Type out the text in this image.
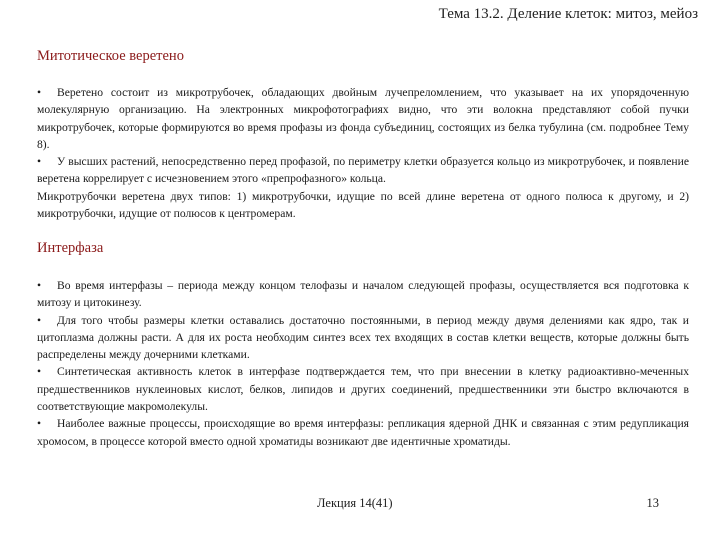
Тема 13.2. Деление клеток: митоз, мейоз
Митотическое веретено

• Веретено состоит из микротрубочек, обладающих двойным лучепреломлением, что указывает на их упорядоченную молекулярную организацию. На электронных микрофотографиях видно, что эти волокна представляют собой пучки микротрубочек, которые формируются во время профазы из фонда субъединиц, состоящих из белка тубулина (см. подробнее Тему 8).

• У высших растений, непосредственно перед профазой, по периметру клетки образуется кольцо из микротрубочек, и появление веретена коррелирует с исчезновением этого «препрофазного» кольца.

Микротрубочки веретена двух типов: 1) микротрубочки, идущие по всей длине веретена от одного полюса к другому, и 2) микротрубочки, идущие от полюсов к центромерам.

Интерфаза

• Во время интерфазы – периода между концом телофазы и началом следующей профазы, осуществляется вся подготовка к митозу и цитокинезу.

• Для того чтобы размеры клетки оставались достаточно постоянными, в период между двумя делениями как ядро, так и цитоплазма должны расти. А для их роста необходим синтез всех тех входящих в состав клетки веществ, которые должны быть распределены между дочерними клетками.

• Синтетическая активность клеток в интерфазе подтверждается тем, что при внесении в клетку радиоактивно-меченных предшественников нуклеиновых кислот, белков, липидов и других соединений, предшественники эти быстро включаются в соответствующие макромолекулы.

• Наиболее важные процессы, происходящие во время интерфазы: репликация ядерной ДНК и связанная с этим редупликация хромосом, в процессе которой вместо одной хроматиды возникают две идентичные хроматиды.

Лекция 14(41)	13
